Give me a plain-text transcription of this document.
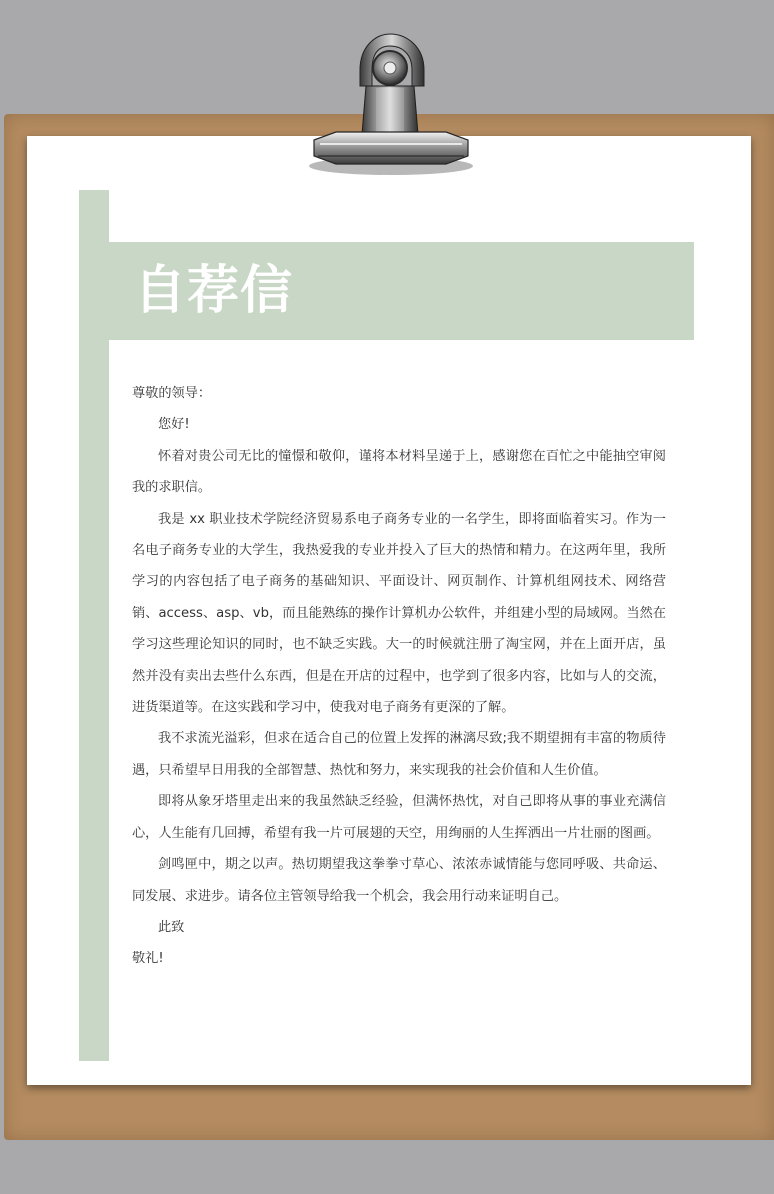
自荐信

尊敬的领导：

您好!

怀着对贵公司无比的憧憬和敬仰，谨将本材料呈递于上，感谢您在百忙之中能抽空审阅我的求职信。

我是 xx 职业技术学院经济贸易系电子商务专业的一名学生，即将面临着实习。作为一名电子商务专业的大学生，我热爱我的专业并投入了巨大的热情和精力。在这两年里，我所学习的内容包括了电子商务的基础知识、平面设计、网页制作、计算机组网技术、网络营销、access、asp、vb，而且能熟练的操作计算机办公软件，并组建小型的局域网。当然在学习这些理论知识的同时，也不缺乏实践。大一的时候就注册了淘宝网，并在上面开店，虽然并没有卖出去些什么东西，但是在开店的过程中，也学到了很多内容，比如与人的交流，进货渠道等。在这实践和学习中，使我对电子商务有更深的了解。

我不求流光溢彩，但求在适合自己的位置上发挥的淋漓尽致;我不期望拥有丰富的物质待遇，只希望早日用我的全部智慧、热忱和努力，来实现我的社会价值和人生价值。

即将从象牙塔里走出来的我虽然缺乏经验，但满怀热忱，对自己即将从事的事业充满信心，人生能有几回搏，希望有我一片可展翅的天空，用绚丽的人生挥洒出一片壮丽的图画。

剑鸣匣中，期之以声。热切期望我这拳拳寸草心、浓浓赤诚情能与您同呼吸、共命运、同发展、求进步。请各位主管领导给我一个机会，我会用行动来证明自己。

此致

敬礼!
